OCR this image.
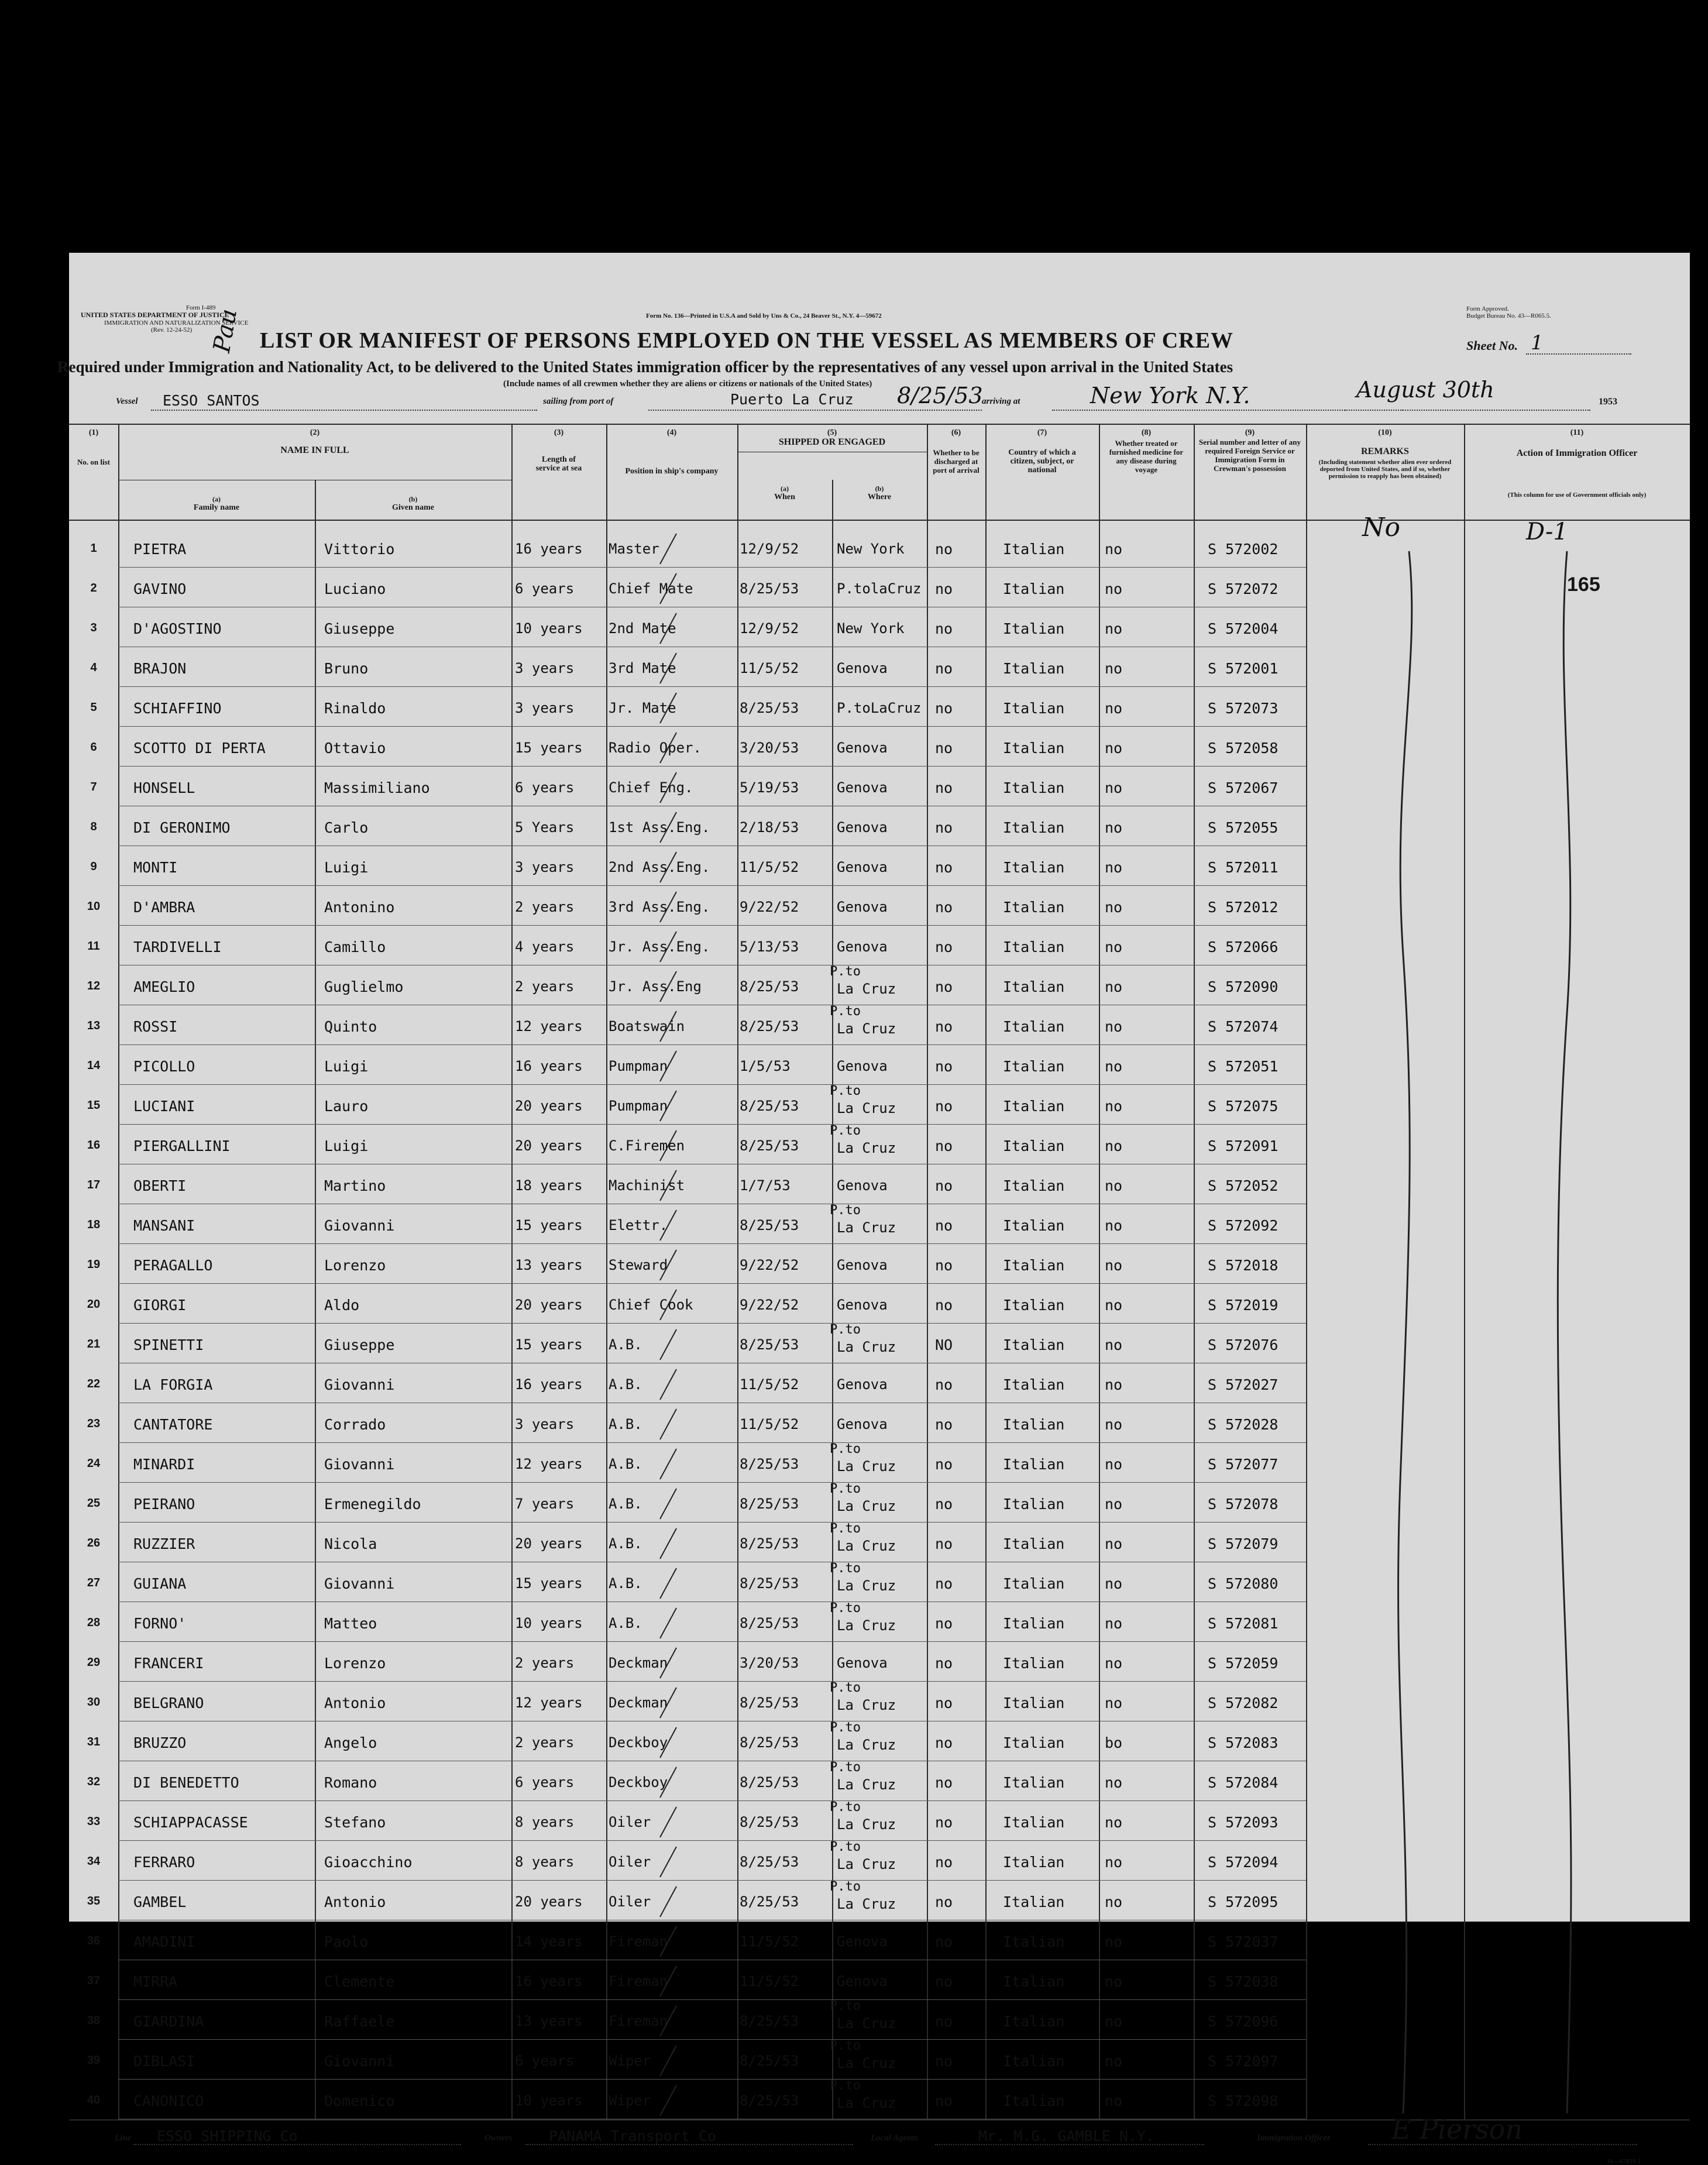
Form I-489
UNITED STATES DEPARTMENT OF JUSTICE
IMMIGRATION AND NATURALIZATION SERVICE
(Rev. 12-24-52)
Form No. 136—Printed in U.S.A and Sold by Uns & Co., 24 Beaver St., N.Y. 4—59672
Form Approved.
Budget Bureau No. 43—R065.5.
LIST OR MANIFEST OF PERSONS EMPLOYED ON THE VESSEL AS MEMBERS OF CREW	Sheet No. 1
Required under Immigration and Nationality Act, to be delivered to the United States immigration officer by the representatives of any vessel upon arrival in the United States
(Include names of all crewmen whether they are aliens or citizens or nationals of the United States)
Vessel ESSO SANTOS
Pau
sailing from port of	Puerto La Cruz 8/25/53
arriving at	New York N.Y.	August 30th	1953
(1)
No. on list
(2)
NAME IN FULL
(a)
Family name
(b)
Given name
(3)
Length of service at sea
(4)
Position in ship's company
(5)
SHIPPED OR ENGAGED
(a)
When
(b)
Where
(6)
Whether to be discharged at port of arrival
(7)
Country of which a citizen, subject, or national
(8)
Whether treated or furnished medicine for any disease during voyage
(9)
Serial number and letter of any required Foreign Service or Immigration Form in Crewman's possession
(10)
REMARKS
(Including statement whether alien ever ordered deported from United States, and if so, whether permission to reapply has been obtained)
(11)
Action of Immigration Officer
(This column for use of Government officials only)
1	PIETRA	Vittorio	16 years Master	12/9/52	New York no	Italian	no	S 572002
2	GAVINO	Luciano	6 years Chief Mate	8/25/53	P.tolaCruz no	Italian	no	S 572072
3	D'AGOSTINO	Giuseppe	10 years 2nd Mate	12/9/52	New York no	Italian	no	S 572004
4	BRAJON	Bruno	3 years 3rd Mate	11/5/52	Genova	no	Italian	no	S 572001
5	SCHIAFFINO	Rinaldo	3 years Jr. Mate	8/25/53	P.toLaCruz no	Italian	no	S 572073
6	SCOTTO DI PERTA	Ottavio	15 years Radio Oper.	3/20/53	Genova	no	Italian	no	S 572058
7	HONSELL	Massimiliano	6 years Chief Eng.	5/19/53	Genova	no	Italian	no	S 572067
8	DI GERONIMO	Carlo	5 Years 1st Ass.Eng. 2/18/53	Genova	no	Italian	no	S 572055
9	MONTI	Luigi	3 years 2nd Ass.Eng. 11/5/52	Genova	no	Italian	no	S 572011
10	D'AMBRA	Antonino	2 years 3rd Ass.Eng. 9/22/52	Genova	no	Italian	no	S 572012
11	TARDIVELLI	Camillo	4 years Jr. Ass.Eng. 5/13/53	Genova	no	Italian	no	S 572066
12	AMEGLIO	Guglielmo	2 years Jr. Ass.Eng	8/25/53	La Cruz	no	Italian	no	S 572090
P.to
13	ROSSI	Quinto	12 years Boatswain	8/25/53	La Cruz	no	Italian	no	S 572074
P.to
14	PICOLLO	Luigi	16 years Pumpman	1/5/53	Genova	no	Italian	no	S 572051
15	LUCIANI	Lauro	20 years Pumpman	8/25/53	La Cruz	no	Italian	no	S 572075
P.to
16	PIERGALLINI	Luigi	20 years C.Firemen	8/25/53	La Cruz	no	Italian	no	S 572091
P.to
17	OBERTI	Martino	18 years Machinist	1/7/53	Genova	no	Italian	no	S 572052
18	MANSANI	Giovanni	15 years Elettr.	8/25/53	La Cruz	no	Italian	no	S 572092
P.to
19	PERAGALLO	Lorenzo	13 years Steward	9/22/52	Genova	no	Italian	no	S 572018
20	GIORGI	Aldo	20 years Chief Cook	9/22/52	Genova	no	Italian	no	S 572019
21	SPINETTI	Giuseppe	15 years A.B.	8/25/53	La Cruz	NO	Italian	no	S 572076
P.to
22	LA FORGIA	Giovanni	16 years A.B.	11/5/52	Genova	no	Italian	no	S 572027
23	CANTATORE	Corrado	3 years A.B.	11/5/52	Genova	no	Italian	no	S 572028
24	MINARDI	Giovanni	12 years A.B.	8/25/53	La Cruz	no	Italian	no	S 572077
P.to
25	PEIRANO	Ermenegildo	7 years A.B.	8/25/53	La Cruz	no	Italian	no	S 572078
P.to
26	RUZZIER	Nicola	20 years A.B.	8/25/53	La Cruz	no	Italian	no	S 572079
P.to
27	GUIANA	Giovanni	15 years A.B.	8/25/53	La Cruz	no	Italian	no	S 572080
P.to
28	FORNO'	Matteo	10 years A.B.	8/25/53	La Cruz	no	Italian	no	S 572081
P.to
29	FRANCERI	Lorenzo	2 years Deckman	3/20/53	Genova	no	Italian	no	S 572059
30	BELGRANO	Antonio	12 years Deckman	8/25/53	La Cruz	no	Italian	no	S 572082
P.to
31	BRUZZO	Angelo	2 years Deckboy	8/25/53	La Cruz	no	Italian	bo	S 572083
P.to
32	DI BENEDETTO	Romano	6 years Deckboy	8/25/53	La Cruz	no	Italian	no	S 572084
P.to
33	SCHIAPPACASSE	Stefano	8 years Oiler	8/25/53	La Cruz	no	Italian	no	S 572093
P.to
34	FERRARO	Gioacchino	8 years Oiler	8/25/53	La Cruz	no	Italian	no	S 572094
P.to
35	GAMBEL	Antonio	20 years Oiler	8/25/53	La Cruz	no	Italian	no	S 572095
P.to
36	AMADINI	Paolo	14 years Fireman	11/5/52	Genova	no	Italian	no	S 572037
37	MIRRA	Clemente	16 years Fireman	11/5/52	Genova	no	Italian	no	S 572038
38	GIARDINA	Raffaele	13 years Fireman	8/25/53	La Cruz	no	Italian	no	S 572096
P.to
39	DIBLASI	Giovanni	6 years Wiper	8/25/53	La Cruz	no	Italian	no	S 572097
P.to
40	CANONICO	Domenico	10 years Wiper	8/25/53	La Cruz	no	Italian	no	S 572098
P.to
No	D-1
165
Line ESSO SHIPPING Co	Owners PANAMA Transport Co	Local Agents	Mr. M.G. GAMBLE N.Y.	Immigration Officer E Pierson
16—67829-1
